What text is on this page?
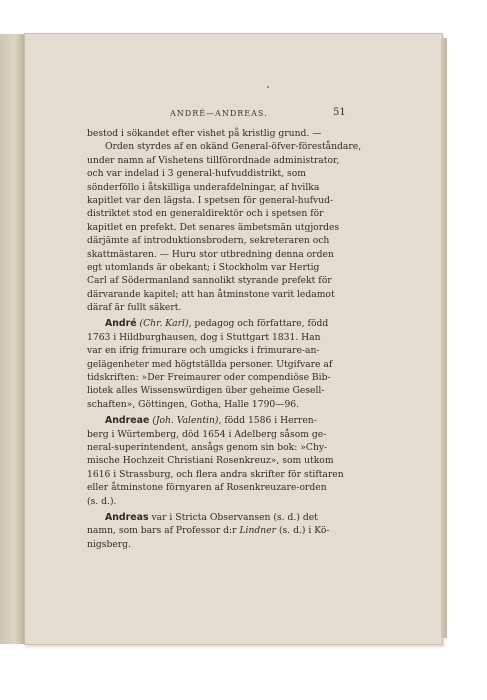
ANDRÉ—ANDREAS.	51
bestod i sökandet efter vishet på kristlig grund. —
Orden styrdes af en okänd General-öfver-föreståndare,
under namn af Vishetens tillförordnade administrator,
och var indelad i 3 general-hufvuddistrikt, som
sönderföllo i åtskilliga underafdelningar, af hvilka
kapitlet var den lägsta. I spetsen för general-hufvud-
distriktet stod en generaldirektör och i spetsen för
kapitlet en prefekt. Det senares ämbetsmän utgjordes
därjämte af introduktionsbrodern, sekreteraren och
skattmästaren. — Huru stor utbredning denna orden
egt utomlands är obekant; i Stockholm var Hertig
Carl af Södermanland sannolikt styrande prefekt för
därvarande kapitel; att han åtminstone varit ledamot
däraf är fullt säkert.
André (Chr. Karl), pedagog och författare, född
1763 i Hildburghausen, dog i Stuttgart 1831. Han
var en ifrig frimurare och umgicks i frimurare-an-
gelägenheter med högtställda personer. Utgifvare af
tidskriften: »Der Freimaurer oder compendiöse Bib-
liotek alles Wissenswürdigen über geheime Gesell-
schaften», Göttingen, Gotha, Halle 1790—96.
Andreae (Joh. Valentin), född 1586 i Herren-
berg i Würtemberg, död 1654 i Adelberg såsom ge-
neral-superintendent, ansågs genom sin bok: »Chy-
mische Hochzeit Christiani Rosenkreuz», som utkom
1616 i Strassburg, och flera andra skrifter för stiftaren
eller åtminstone förnyaren af Rosenkreuzare-orden
(s. d.).
Andreas var i Stricta Observansen (s. d.) det
namn, som bars af Professor d:r Lindner (s. d.) i Kö-
nigsberg.
